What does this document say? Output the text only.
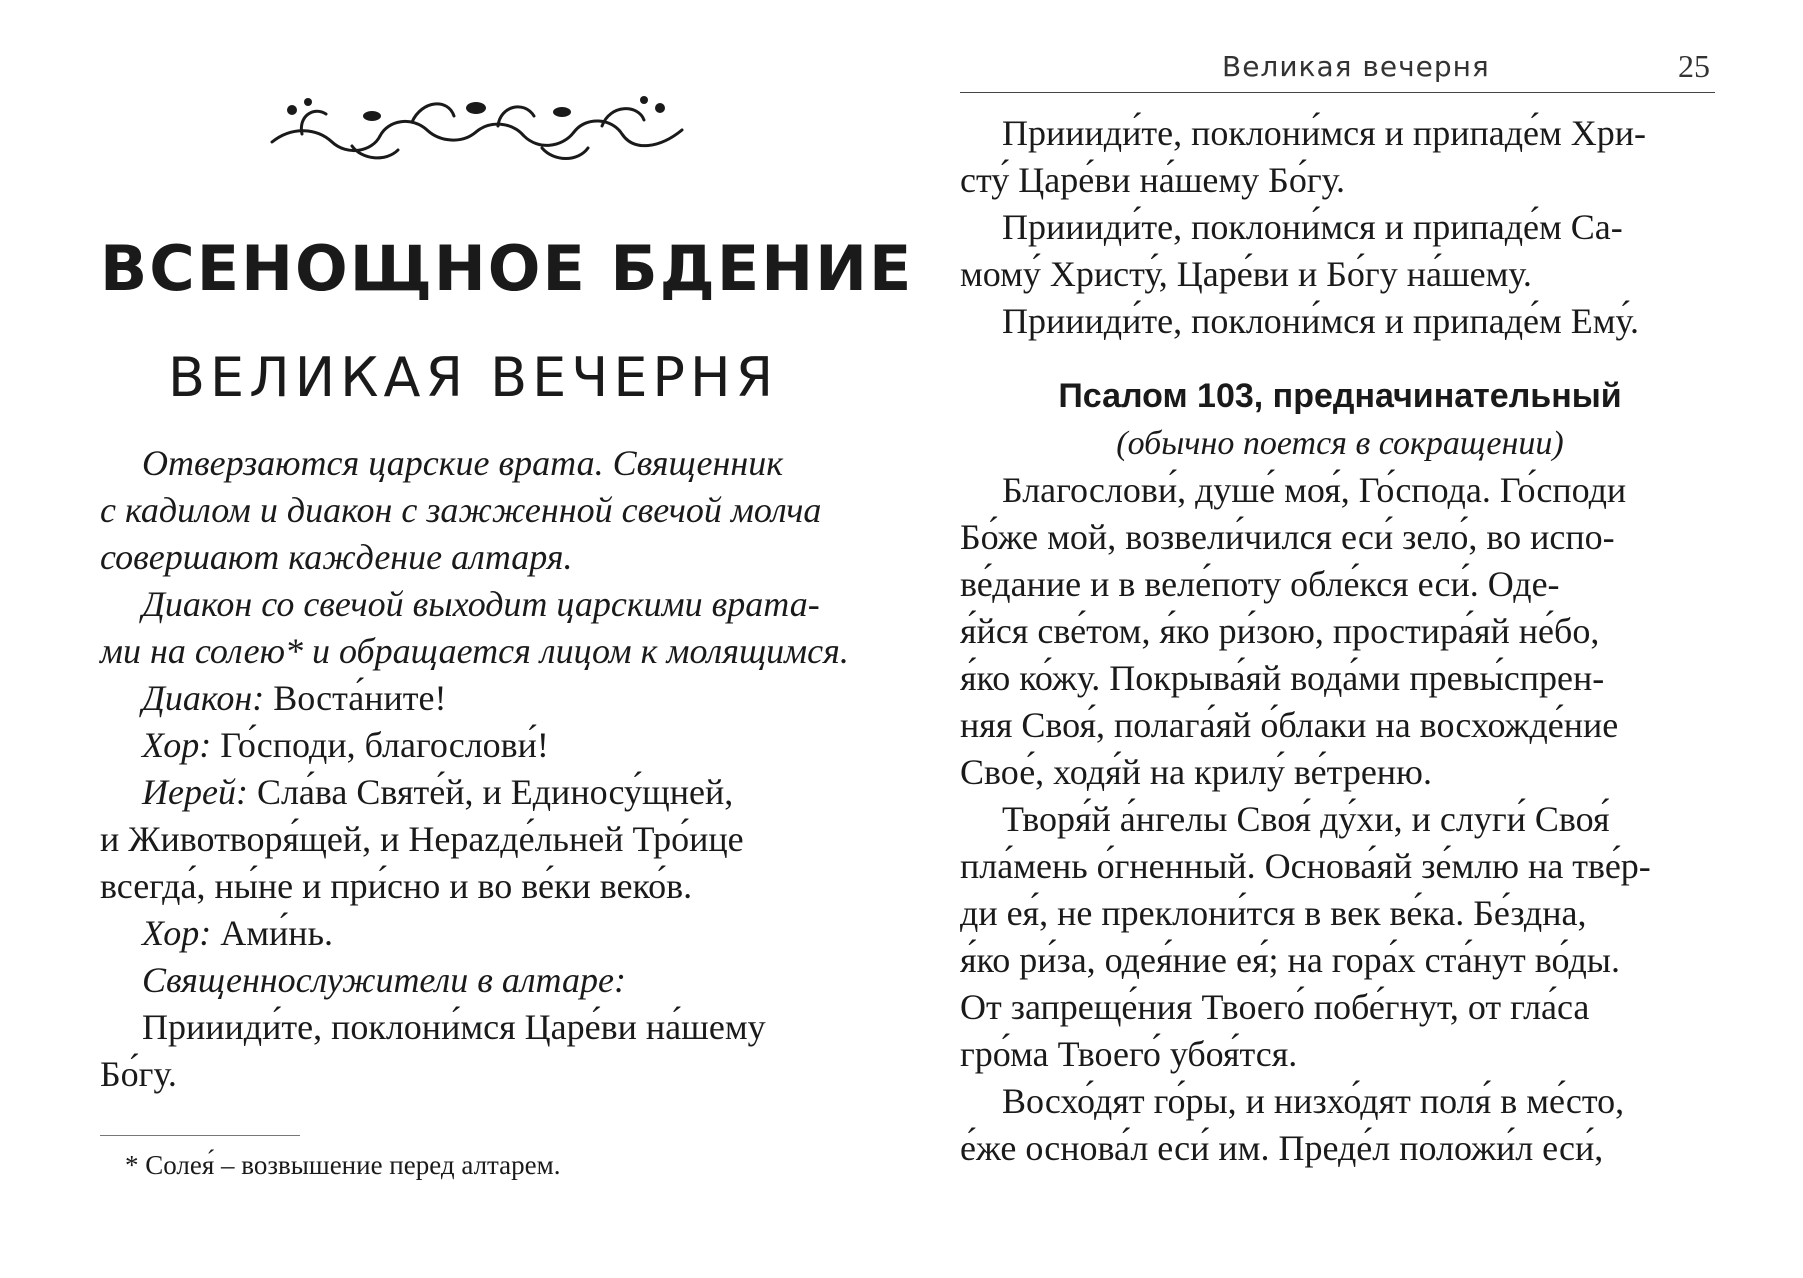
ВСЕНОЩНОЕ БДЕНИЕ
ВЕЛИКАЯ ВЕЧЕРНЯ
Отверзаются царские врата. Священник
с кадилом и диакон с зажженной свечой молча
совершают каждение алтаря.
Диакон со свечой выходит царскими врата-
ми на солею* и обращается лицом к молящимся.
Диакон: Воста́ните!
Хор: Го́споди, благослови́!
Иерей: Сла́ва Святе́й, и Единосу́щней,
и Животворя́щей, и Нерazде́льней Тро́ице
всегда́, ны́не и при́сно и во ве́ки веко́в.
Хор: Ами́нь.
Священнослужители в алтаре:
Приииди́те, поклони́мся Царе́ви на́шему
Бо́гу.
* Солея́ – возвышение перед алтарем.
Великая вечерня	25
Приииди́те, поклони́мся и припаде́м Хри-
сту́ Царе́ви на́шему Бо́гу.
Приииди́те, поклони́мся и припаде́м Са-
мому́ Христу́, Царе́ви и Бо́гу на́шему.
Приииди́те, поклони́мся и припаде́м Ему́.
Псалом 103, предначинательный
(обычно поется в сокращении)
Благослови́, душе́ моя́, Го́спода. Го́споди
Бо́же мой, возвели́чился еси́ зело́, во испо-
ве́дание и в веле́поту обле́кся еси́. Оде-
я́йся све́том, я́ко ри́зою, простира́яй не́бо,
я́ко ко́жу. Покрыва́яй вода́ми превы́спрен-
няя Своя́, полага́яй о́блаки на восхожде́ние
Свое́, ходя́й на крилу́ ве́треню.
Творя́й а́нгелы Своя́ ду́хи, и слуги́ Своя́
пла́мень о́гненный. Основа́яй зе́млю на тве́р-
ди ея́, не преклони́тся в век ве́ка. Бе́здна,
я́ко ри́за, одея́ние ея́; на гора́х ста́нут во́ды.
От запреще́ния Твоего́ побе́гнут, от гла́са
гро́ма Твоего́ убоя́тся.
Восхо́дят го́ры, и низхо́дят поля́ в ме́сто,
е́же основа́л еси́ им. Преде́л положи́л еси́,
